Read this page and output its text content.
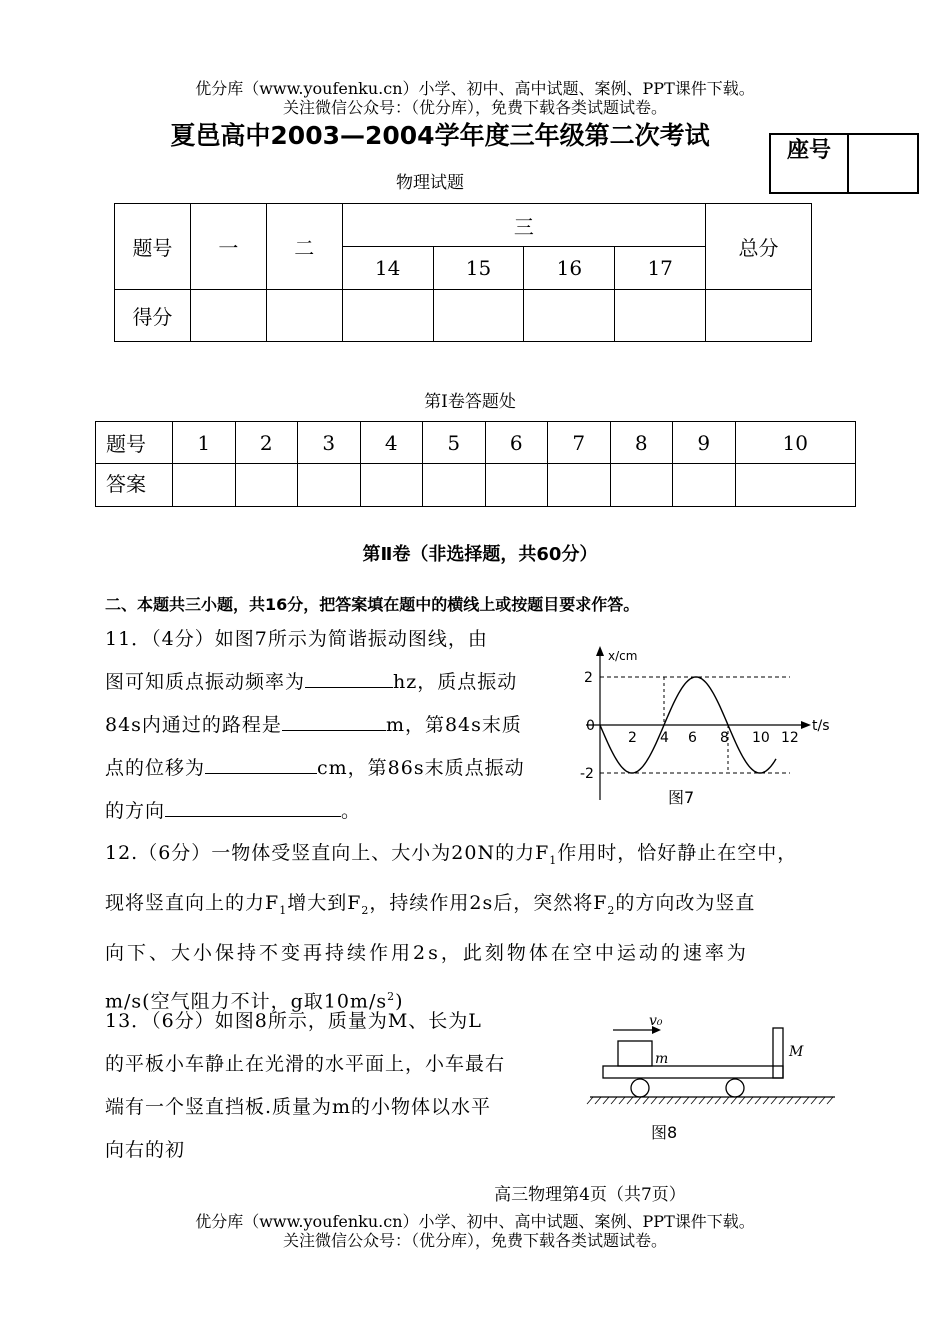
优分库（www.youfenku.cn）小学、初中、高中试题、案例、PPT课件下载。
关注微信公众号：（优分库），免费下载各类试题试卷。
夏邑高中2003—2004学年度三年级第二次考试
座号
物理试题
题号	一	二	三				总分
			14	15	16	17	
得分							
第Ⅰ卷答题处
题号	1	2	3	4	5	6	7	8	9	10
答案										
第Ⅱ卷（非选择题，共60分）
二、本题共三小题，共16分，把答案填在题中的横线上或按题目要求作答。
11．（4分）如图7所示为简谐振动图线，由
图可知质点振动频率为	hz，质点振动
84s内通过的路程是	m，第84s末质
点的位移为	cm，第86s末质点振动
的方向	。
x/cm
t/s
2
0
-2
2 4 6 8 10 12
图7
12.（6分）一物体受竖直向上、大小为20N的力$F_1$作用时，恰好静止在空中，
现将竖直向上的力$F_1$增大到$F_2$，持续作用2s后，突然将$F_2$的方向改为竖直
向下、大小保持不变再持续作用2s，此刻物体在空中运动的速率为
m/s(空气阻力不计，g取$10m/s^2$)
13．（6分）如图8所示，质量为M、长为L
的平板小车静止在光滑的水平面上，小车最右
端有一个竖直挡板.质量为m的小物体以水平
向右的初
v₀
m	M
图8
高三物理第4页（共7页）
优分库（www.youfenku.cn）小学、初中、高中试题、案例、PPT课件下载。
关注微信公众号：（优分库），免费下载各类试题试卷。
